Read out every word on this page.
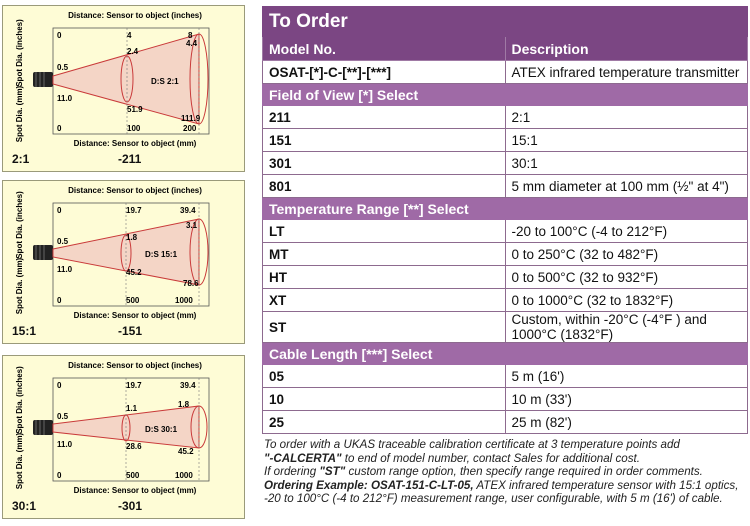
Distance: Sensor to object (inches)
Spot Dia. (inches)
Spot Dia. (mm)
0	4	8
0	100	200
0.5
2.4
4.4
11.0
51.9
111.9
D:S 2:1
Distance: Sensor to object (mm)
2:1	-211
Distance: Sensor to object (inches)
Spot Dia. (inches)
Spot Dia. (mm)
0	19.7	39.4
0	500	1000
0.5	1.8
3.1
11.0	45.2
78.6
D:S 15:1
Distance: Sensor to object (mm)
15:1	-151
Distance: Sensor to object (inches)
Spot Dia. (inches)
Spot Dia. (mm)
0	19.7	39.4
0	500	1000
0.5
1.1	1.8
11.0	28.6
45.2
D:S 30:1
Distance: Sensor to object (mm)
30:1	-301
To Order	
Model No.	Description
OSAT-[*]-C-[**]-[***]	ATEX infrared temperature transmitter
Field of View [*] Select	
211	2:1
151	15:1
301	30:1
801	5 mm diameter at 100 mm (½" at 4")
Temperature Range [**] Select	
LT	-20 to 100°C (-4 to 212°F)
MT	0 to 250°C (32 to 482°F)
HT	0 to 500°C (32 to 932°F)
XT	0 to 1000°C (32 to 1832°F)
ST	Custom, within -20°C (-4°F ) and 1000°C (1832°F)
Cable Length [***] Select	
05	5 m (16')
10	10 m (33')
25	25 m (82')
To order with a UKAS traceable calibration certificate at 3 temperature points add
"-CALCERTA" to end of model number, contact Sales for additional cost.
If ordering "ST" custom range option, then specify range required in order comments.
Ordering Example: OSAT-151-C-LT-05, ATEX infrared temperature sensor with 15:1 optics, -20 to 100°C (-4 to 212°F) measurement range, user configurable, with 5 m (16') of cable.
